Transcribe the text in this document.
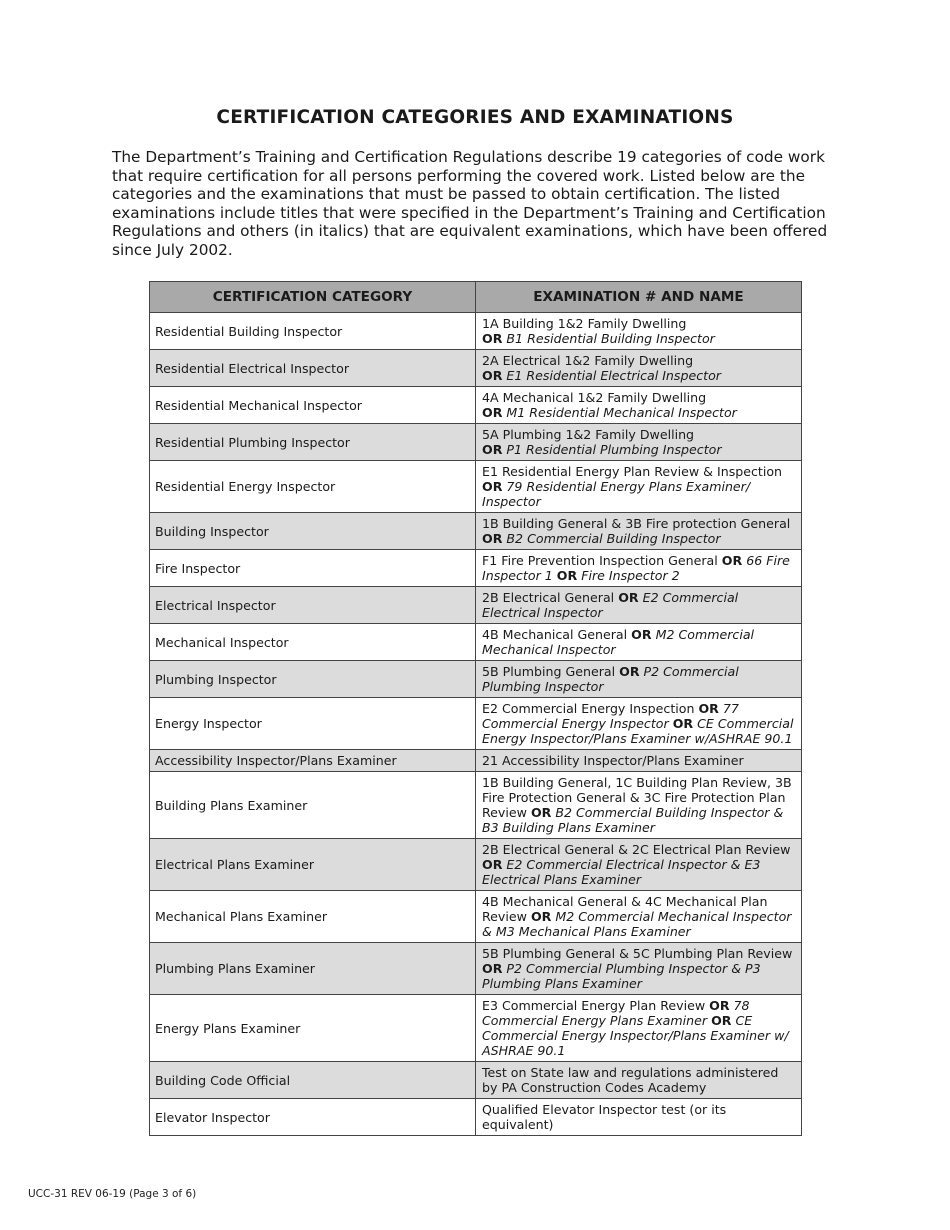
CERTIFICATION CATEGORIES AND EXAMINATIONS

The Department’s Training and Certification Regulations describe 19 categories of code work that require certification for all persons performing the covered work. Listed below are the categories and the examinations that must be passed to obtain certification. The listed examinations include titles that were specified in the Department’s Training and Certification Regulations and others (in italics) that are equivalent examinations, which have been offered since July 2002.

CERTIFICATION CATEGORY	EXAMINATION # AND NAME
Residential Building Inspector	1A Building 1&2 Family Dwelling
OR B1 Residential Building Inspector
Residential Electrical Inspector	2A Electrical 1&2 Family Dwelling
OR E1 Residential Electrical Inspector
Residential Mechanical Inspector	4A Mechanical 1&2 Family Dwelling
OR M1 Residential Mechanical Inspector
Residential Plumbing Inspector	5A Plumbing 1&2 Family Dwelling
OR P1 Residential Plumbing Inspector
Residential Energy Inspector	E1 Residential Energy Plan Review & Inspection
OR 79 Residential Energy Plans Examiner/ Inspector
Building Inspector	1B Building General & 3B Fire protection General
OR B2 Commercial Building Inspector
Fire Inspector	F1 Fire Prevention Inspection General OR 66 Fire Inspector 1 OR Fire Inspector 2
Electrical Inspector	2B Electrical General OR E2 Commercial Electrical Inspector
Mechanical Inspector	4B Mechanical General OR M2 Commercial Mechanical Inspector
Plumbing Inspector	5B Plumbing General OR P2 Commercial Plumbing Inspector
Energy Inspector	E2 Commercial Energy Inspection OR 77 Commercial Energy Inspector OR CE Commercial Energy Inspector/Plans Examiner w/ASHRAE 90.1
Accessibility Inspector/Plans Examiner	21 Accessibility Inspector/Plans Examiner
Building Plans Examiner	1B Building General, 1C Building Plan Review, 3B Fire Protection General & 3C Fire Protection Plan Review OR B2 Commercial Building Inspector & B3 Building Plans Examiner
Electrical Plans Examiner	2B Electrical General & 2C Electrical Plan Review OR E2 Commercial Electrical Inspector & E3 Electrical Plans Examiner
Mechanical Plans Examiner	4B Mechanical General & 4C Mechanical Plan Review OR M2 Commercial Mechanical Inspector & M3 Mechanical Plans Examiner
Plumbing Plans Examiner	5B Plumbing General & 5C Plumbing Plan Review OR P2 Commercial Plumbing Inspector & P3 Plumbing Plans Examiner
Energy Plans Examiner	E3 Commercial Energy Plan Review OR 78 Commercial Energy Plans Examiner OR CE Commercial Energy Inspector/Plans Examiner w/ ASHRAE 90.1
Building Code Official	Test on State law and regulations administered by PA Construction Codes Academy
Elevator Inspector	Qualified Elevator Inspector test (or its equivalent)
UCC-31 REV 06-19 (Page 3 of 6)
